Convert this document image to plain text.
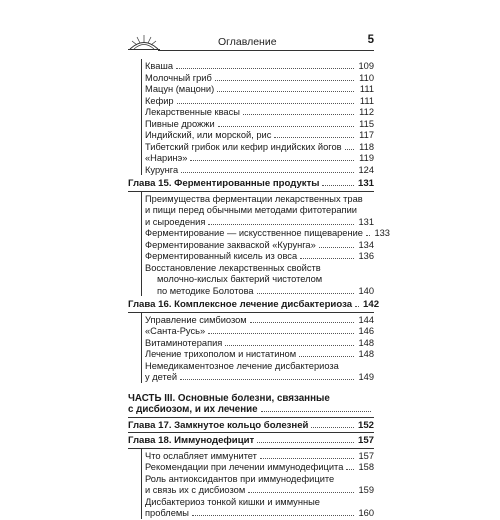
Оглавление	5
Кваша	109
Молочный гриб	110
Мацун (мацони)	111
Кефир	111
Лекарственные квасы	112
Пивные дрожжи	115
Индийский, или морской, рис	117
Тибетский грибок или кефир индийских йогов 118
«Наринэ»	119
Курунга	124
Глава 15. Ферментированные продукты	131
Преимущества ферментации лекарственных трав
и пищи перед обычными методами фитотерапии
и сыроедения	131
Ферментирование — искусственное пищеварение 133
Ферментирование закваской «Курунга»	134
Ферментированный кисель из овса	136
Восстановление лекарственных свойств
молочно-кислых бактерий чистотелом
по методике Болотова	140
Глава 16. Комплексное лечение дисбактериоза 142
Управление симбиозом	144
«Санта-Русь»	146
Витаминотерапия	148
Лечение трихополом и нистатином	148
Немедикаментозное лечение дисбактериоза
у детей	149
ЧАСТЬ III. Основные болезни, связанные
с дисбиозом, и их лечение
Глава 17. Замкнутое кольцо болезней	152
Глава 18. Иммунодефицит	157
Что ослабляет иммунитет	157
Рекомендации при лечении иммунодефицита 158
Роль антиоксидантов при иммунодефиците
и связь их с дисбиозом	159
Дисбактериоз тонкой кишки и иммунные
проблемы	160
